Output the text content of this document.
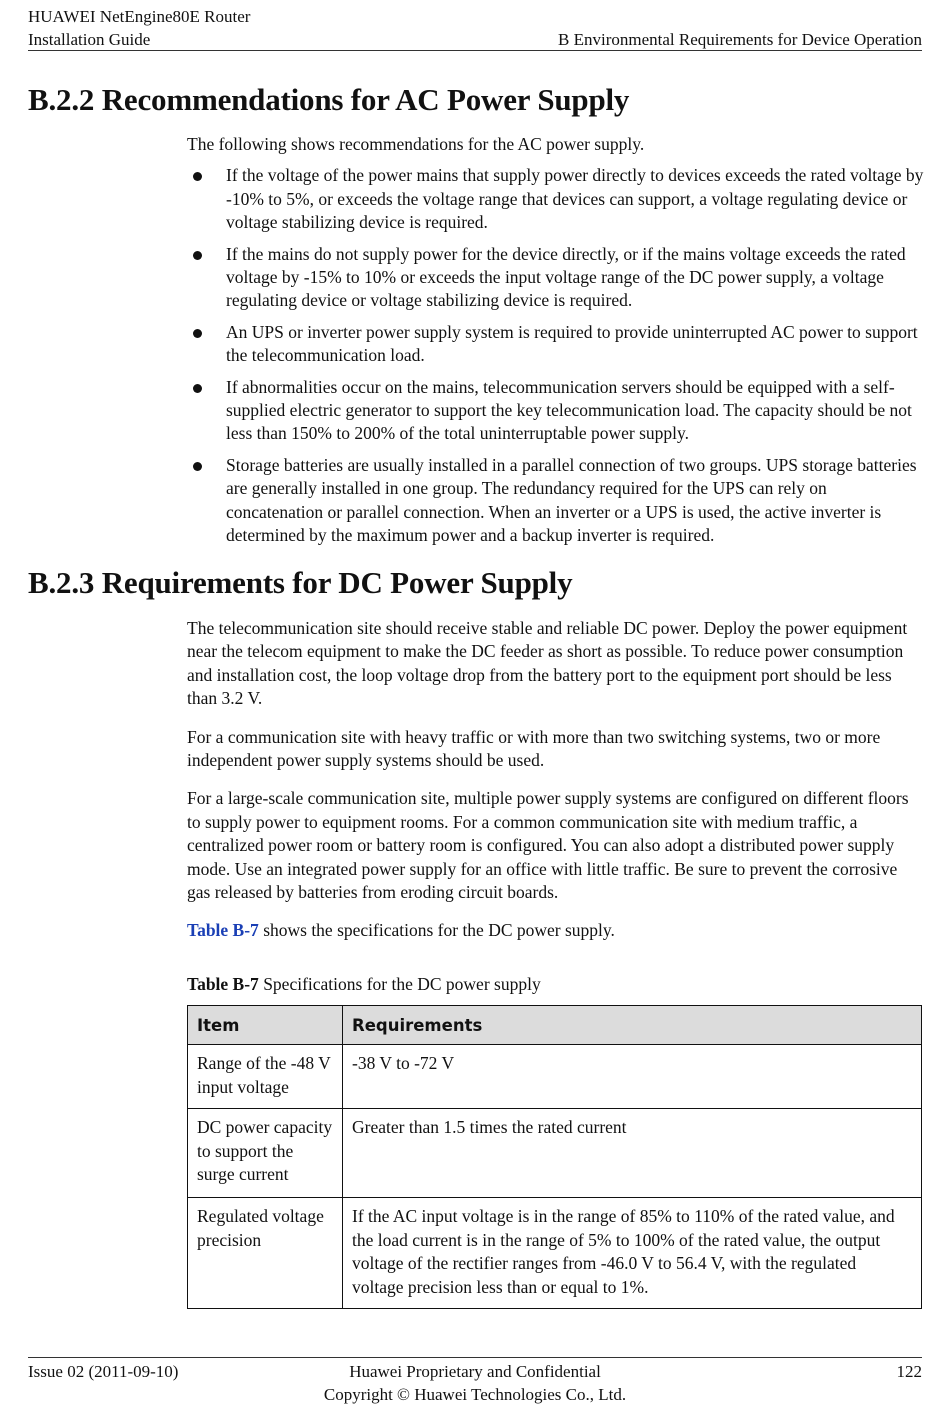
HUAWEI NetEngine80E Router
Installation Guide	B Environmental Requirements for Device Operation
B.2.2 Recommendations for AC Power Supply

The following shows recommendations for the AC power supply.

If the voltage of the power mains that supply power directly to devices exceeds the rated voltage by -10% to 5%, or exceeds the voltage range that devices can support, a voltage regulating device or voltage stabilizing device is required.
If the mains do not supply power for the device directly, or if the mains voltage exceeds the rated voltage by -15% to 10% or exceeds the input voltage range of the DC power supply, a voltage regulating device or voltage stabilizing device is required.
An UPS or inverter power supply system is required to provide uninterrupted AC power to support the telecommunication load.
If abnormalities occur on the mains, telecommunication servers should be equipped with a self-supplied electric generator to support the key telecommunication load. The capacity should be not less than 150% to 200% of the total uninterruptable power supply.
Storage batteries are usually installed in a parallel connection of two groups. UPS storage batteries are generally installed in one group. The redundancy required for the UPS can rely on concatenation or parallel connection. When an inverter or a UPS is used, the active inverter is determined by the maximum power and a backup inverter is required.
B.2.3 Requirements for DC Power Supply

The telecommunication site should receive stable and reliable DC power. Deploy the power equipment near the telecom equipment to make the DC feeder as short as possible. To reduce power consumption and installation cost, the loop voltage drop from the battery port to the equipment port should be less than 3.2 V.

For a communication site with heavy traffic or with more than two switching systems, two or more independent power supply systems should be used.

For a large-scale communication site, multiple power supply systems are configured on different floors to supply power to equipment rooms. For a common communication site with medium traffic, a centralized power room or battery room is configured. You can also adopt a distributed power supply mode. Use an integrated power supply for an office with little traffic. Be sure to prevent the corrosive gas released by batteries from eroding circuit boards.

Table B-7 shows the specifications for the DC power supply.

Table B-7 Specifications for the DC power supply
Item	Requirements
Range of the -48 V input voltage	-38 V to -72 V
DC power capacity to support the surge current	Greater than 1.5 times the rated current
Regulated voltage precision	If the AC input voltage is in the range of 85% to 110% of the rated value, and the load current is in the range of 5% to 100% of the rated value, the output voltage of the rectifier ranges from -46.0 V to 56.4 V, with the regulated voltage precision less than or equal to 1%.
Issue 02 (2011-09-10)	Huawei Proprietary and Confidential
Copyright © Huawei Technologies Co., Ltd.
122
